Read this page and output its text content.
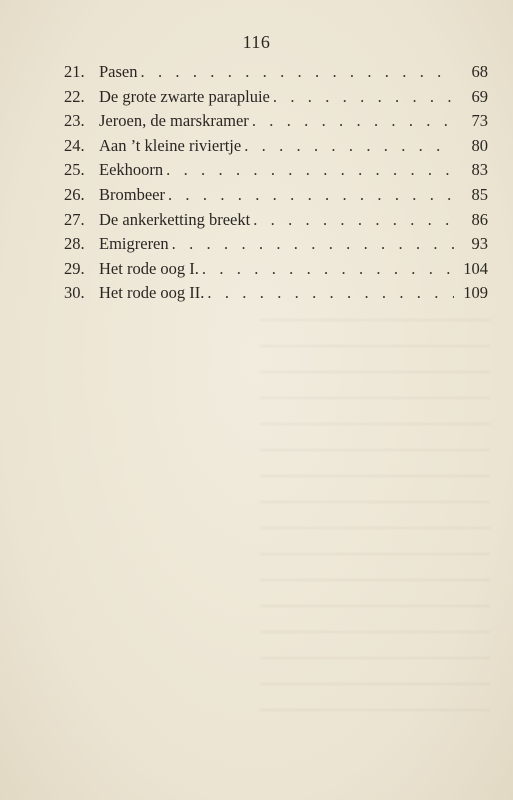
116
21. Pasen . . .	68
22. De grote zwarte parapluiе . . .	69
23. Jeroen, de marskramer . . .	73
24. Aan ’t kleine riviertje . . .	80
25. Eekhoorn . . .	83
26. Brombeer . . .	85
27. De ankerketting breekt . . .	86
28. Emigreren . . .	93
29. Het rode oog I. . . .	104
30. Het rode oog II. . . .	109
